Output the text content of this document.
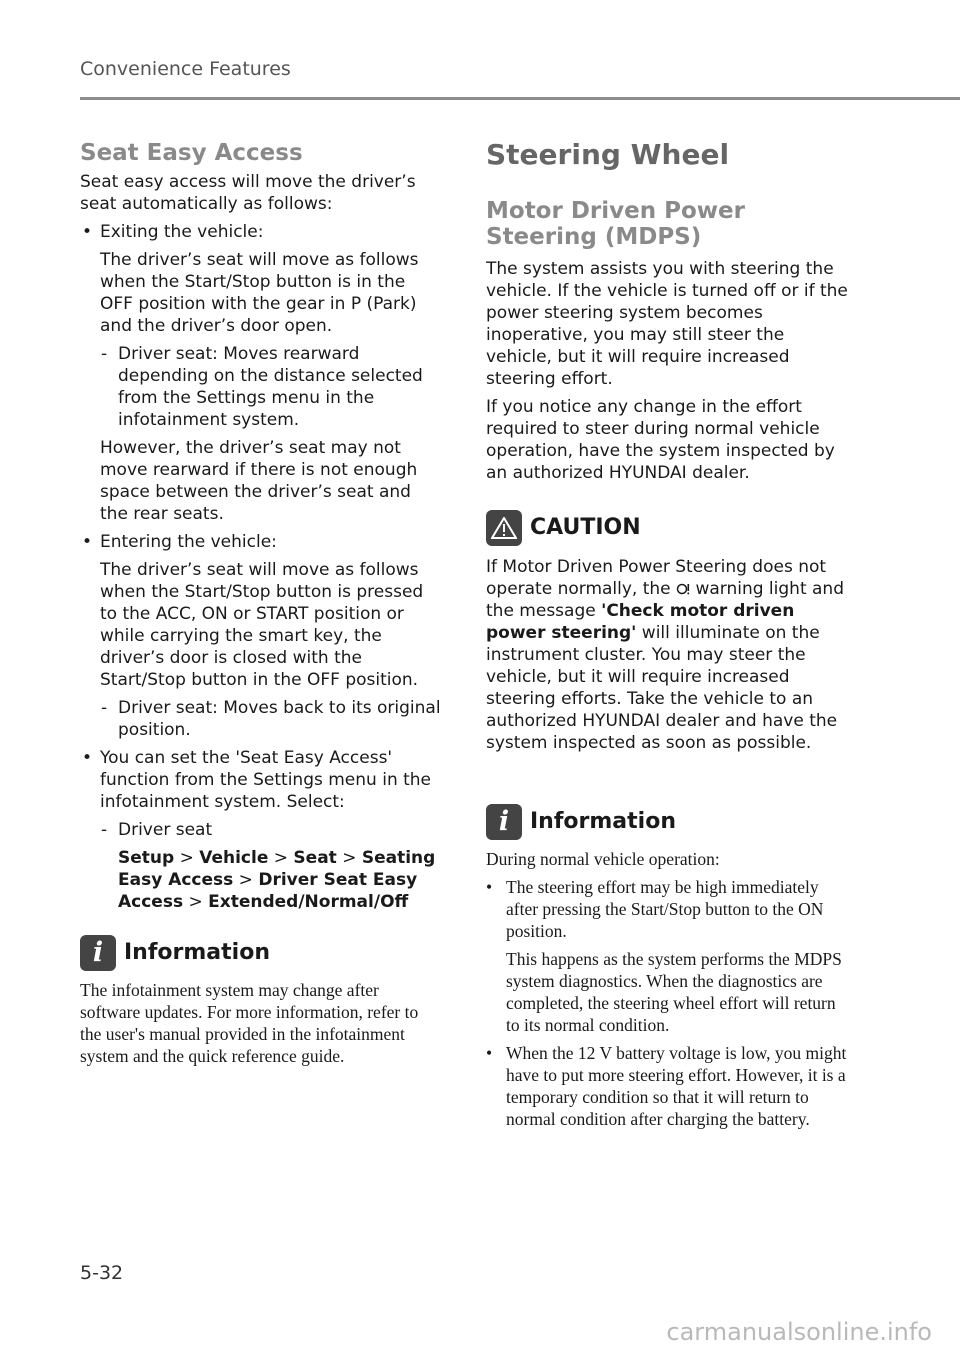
Convenience Features
Seat Easy Access

Seat easy access will move the driver’s seat automatically as follows:

• Exiting the vehicle:

The driver’s seat will move as follows when the Start/Stop button is in the OFF position with the gear in P (Park) and the driver’s door open.

- Driver seat: Moves rearward depending on the distance selected from the Settings menu in the infotainment system.

However, the driver’s seat may not move rearward if there is not enough space between the driver’s seat and the rear seats.

• Entering the vehicle:

The driver’s seat will move as follows when the Start/Stop button is pressed to the ACC, ON or START position or while carrying the smart key, the driver’s door is closed with the Start/Stop button in the OFF position.

- Driver seat: Moves back to its original position.

• You can set the 'Seat Easy Access' function from the Settings menu in the infotainment system. Select:

- Driver seat

Setup > Vehicle > Seat > Seating Easy Access > Driver Seat Easy Access > Extended/Normal/Off

i Information

The infotainment system may change after software updates. For more information, refer to the user's manual provided in the infotainment system and the quick reference guide.

Steering Wheel
Motor Driven Power Steering (MDPS)

The system assists you with steering the vehicle. If the vehicle is turned off or if the power steering system becomes inoperative, you may still steer the vehicle, but it will require increased steering effort.

If you notice any change in the effort required to steer during normal vehicle operation, have the system inspected by an authorized HYUNDAI dealer.

CAUTION

If Motor Driven Power Steering does not operate normally, the  warning light and the message 'Check motor driven power steering' will illuminate on the instrument cluster. You may steer the vehicle, but it will require increased steering efforts. Take the vehicle to an authorized HYUNDAI dealer and have the system inspected as soon as possible.

i Information

During normal vehicle operation:

• The steering effort may be high immediately after pressing the Start/Stop button to the ON position.

This happens as the system performs the MDPS system diagnostics. When the diagnostics are completed, the steering wheel effort will return to its normal condition.

• When the 12 V battery voltage is low, you might have to put more steering effort. However, it is a temporary condition so that it will return to normal condition after charging the battery.

5-32
carmanualsonline.info
